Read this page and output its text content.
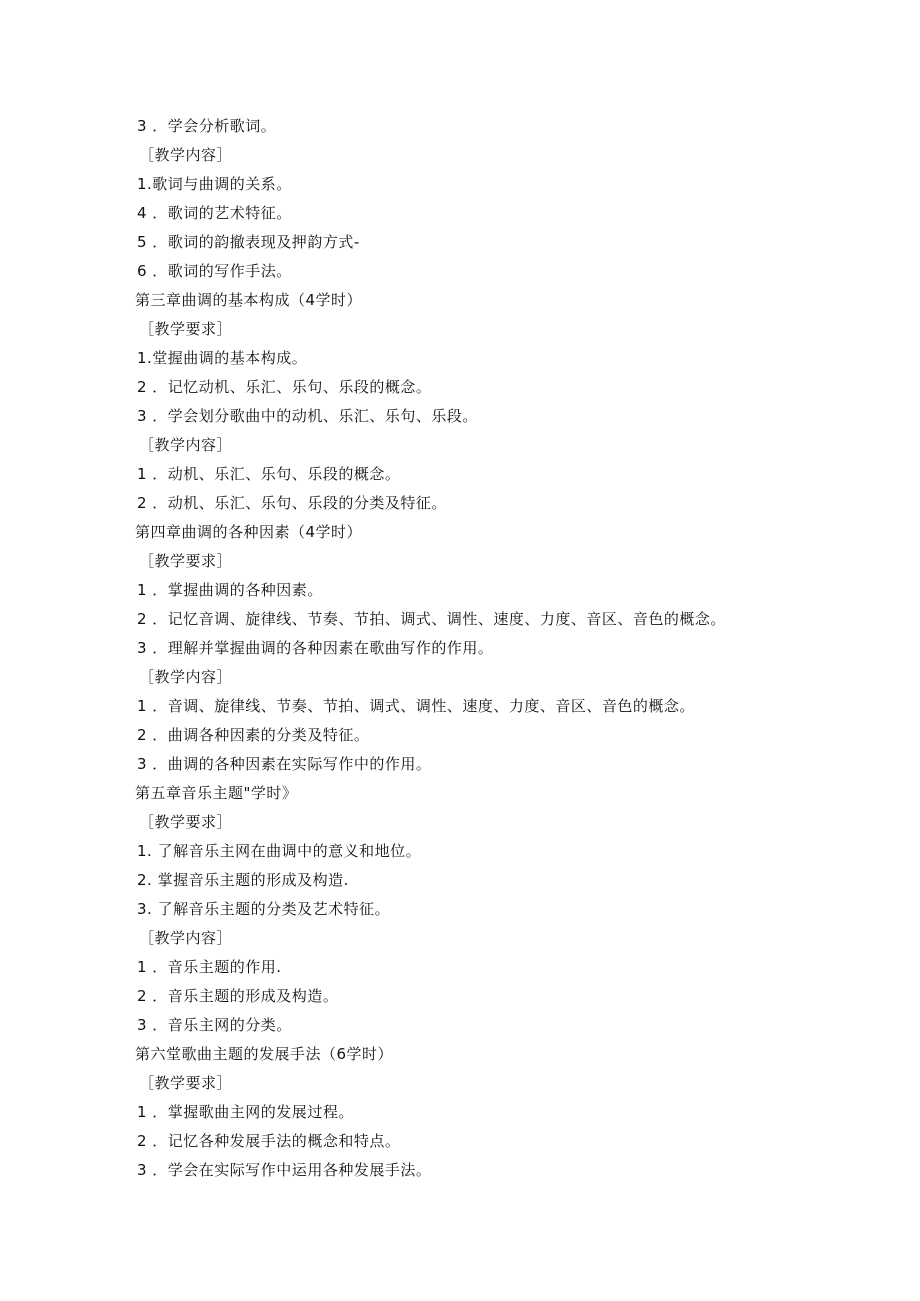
3 ．学会分析歌词。
［教学内容］
1.歌词与曲调的关系。
4 ．歌词的艺术特征。
5 ．歌词的韵撤表现及押韵方式-
6 ．歌词的写作手法。
第三章曲调的基本构成（4学时）
［教学要求］
1.堂握曲调的基本构成。
2 ．记忆动机、乐汇、乐句、乐段的概念。
3 ．学会划分歌曲中的动机、乐汇、乐句、乐段。
［教学内容］
1 ．动机、乐汇、乐句、乐段的概念。
2 ．动机、乐汇、乐句、乐段的分类及特征。
第四章曲调的各种因素（4学时）
［教学要求］
1 ．掌握曲调的各种因素。
2 ．记忆音调、旋律线、节奏、节拍、调式、调性、速度、力度、音区、音色的概念。
3 ．理解并掌握曲调的各种因素在歌曲写作的作用。
［教学内容］
1 ．音调、旋律线、节奏、节拍、调式、调性、速度、力度、音区、音色的概念。
2 ．曲调各种因素的分类及特征。
3 ．曲调的各种因素在实际写作中的作用。
第五章音乐主题"学时》
［教学要求］
1. 了解音乐主网在曲调中的意义和地位。
2. 掌握音乐主题的形成及构造.
3. 了解音乐主题的分类及艺术特征。
［教学内容］
1 ．音乐主题的作用.
2 ．音乐主题的形成及构造。
3 ．音乐主网的分类。
第六堂歌曲主题的发展手法（6学时）
［教学要求］
1 ．掌握歌曲主网的发展过程。
2 ．记忆各种发展手法的概念和特点。
3 ．学会在实际写作中运用各种发展手法。
